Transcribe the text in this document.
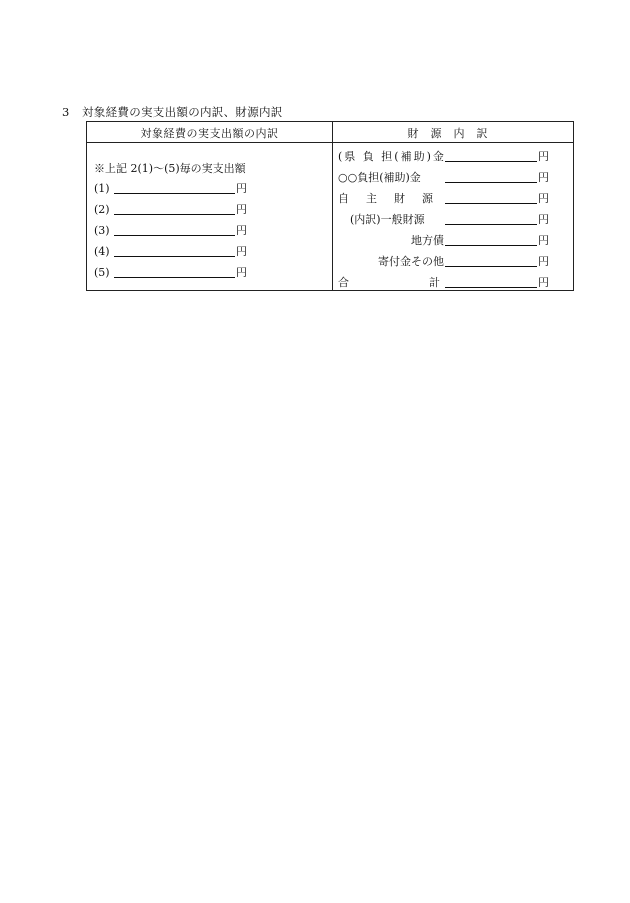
3 対象経費の実支出額の内訳、財源内訳
対象経費の実支出額の内訳	財源内訳
※上記 2(1)～(5)毎の実支出額
(1)	円
(2)	円
(3)	円
(4)	円
(5)	円
(県 負 担(補助)金	円
○○負担(補助)金	円
自主財源	円
(内訳)一般財源	円
地方債	円
寄付金その他	円
合計 円
